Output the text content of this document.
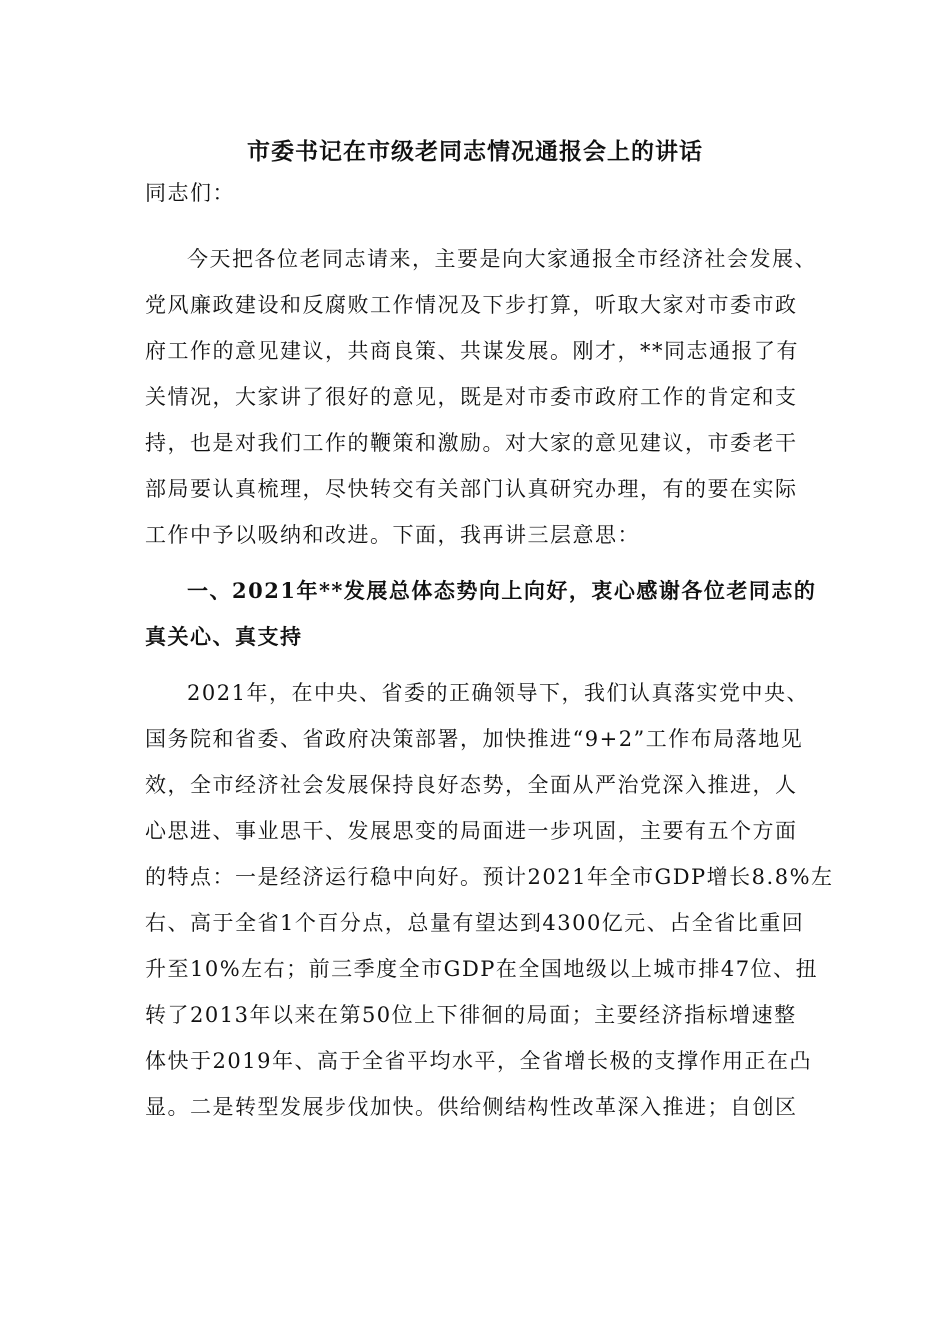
市委书记在市级老同志情况通报会上的讲话
同志们：
今天把各位老同志请来，主要是向大家通报全市经济社会发展、
党风廉政建设和反腐败工作情况及下步打算，听取大家对市委市政
府工作的意见建议，共商良策、共谋发展。刚才，**同志通报了有
关情况，大家讲了很好的意见，既是对市委市政府工作的肯定和支
持，也是对我们工作的鞭策和激励。对大家的意见建议，市委老干
部局要认真梳理，尽快转交有关部门认真研究办理，有的要在实际
工作中予以吸纳和改进。下面，我再讲三层意思：
一、2021年**发展总体态势向上向好，衷心感谢各位老同志的
真关心、真支持
2021年，在中央、省委的正确领导下，我们认真落实党中央、
国务院和省委、省政府决策部署，加快推进“9+2”工作布局落地见
效，全市经济社会发展保持良好态势，全面从严治党深入推进，人
心思进、事业思干、发展思变的局面进一步巩固，主要有五个方面
的特点：一是经济运行稳中向好。预计2021年全市GDP增长8.8%左
右、高于全省1个百分点，总量有望达到4300亿元、占全省比重回
升至10%左右；前三季度全市GDP在全国地级以上城市排47位、扭
转了2013年以来在第50位上下徘徊的局面；主要经济指标增速整
体快于2019年、高于全省平均水平，全省增长极的支撑作用正在凸
显。二是转型发展步伐加快。供给侧结构性改革深入推进；自创区
